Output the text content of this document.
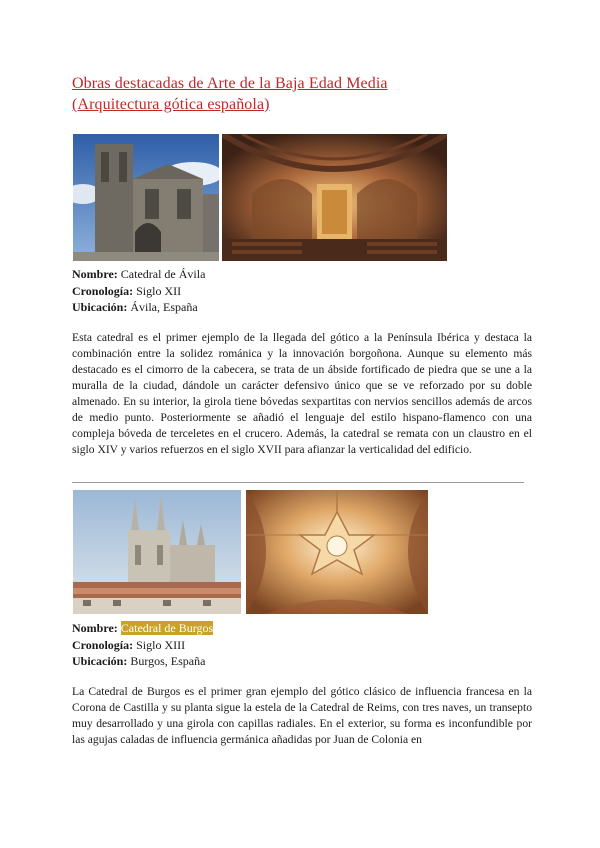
Obras destacadas de Arte de la Baja Edad Media
(Arquitectura gótica española)
Nombre: Catedral de Ávila
Cronología: Siglo XII
Ubicación: Ávila, España
Esta catedral es el primer ejemplo de la llegada del gótico a la Península Ibérica y destaca la combinación entre la solidez románica y la innovación borgoñona. Aunque su elemento más destacado es el cimorro de la cabecera, se trata de un ábside fortificado de piedra que se une a la muralla de la ciudad, dándole un carácter defensivo único que se ve reforzado por su doble almenado. En su interior, la girola tiene bóvedas sexpartitas con nervios sencillos además de arcos de medio punto. Posteriormente se añadió el lenguaje del estilo hispano-flamenco con una compleja bóveda de terceletes en el crucero. Además, la catedral se remata con un claustro en el siglo XIV y varios refuerzos en el siglo XVII para afianzar la verticalidad del edificio.
Nombre: Catedral de Burgos
Cronología: Siglo XIII
Ubicación: Burgos, España
La Catedral de Burgos es el primer gran ejemplo del gótico clásico de influencia francesa en la Corona de Castilla y su planta sigue la estela de la Catedral de Reims, con tres naves, un transepto muy desarrollado y una girola con capillas radiales. En el exterior, su forma es inconfundible por las agujas caladas de influencia germánica añadidas por Juan de Colonia en
